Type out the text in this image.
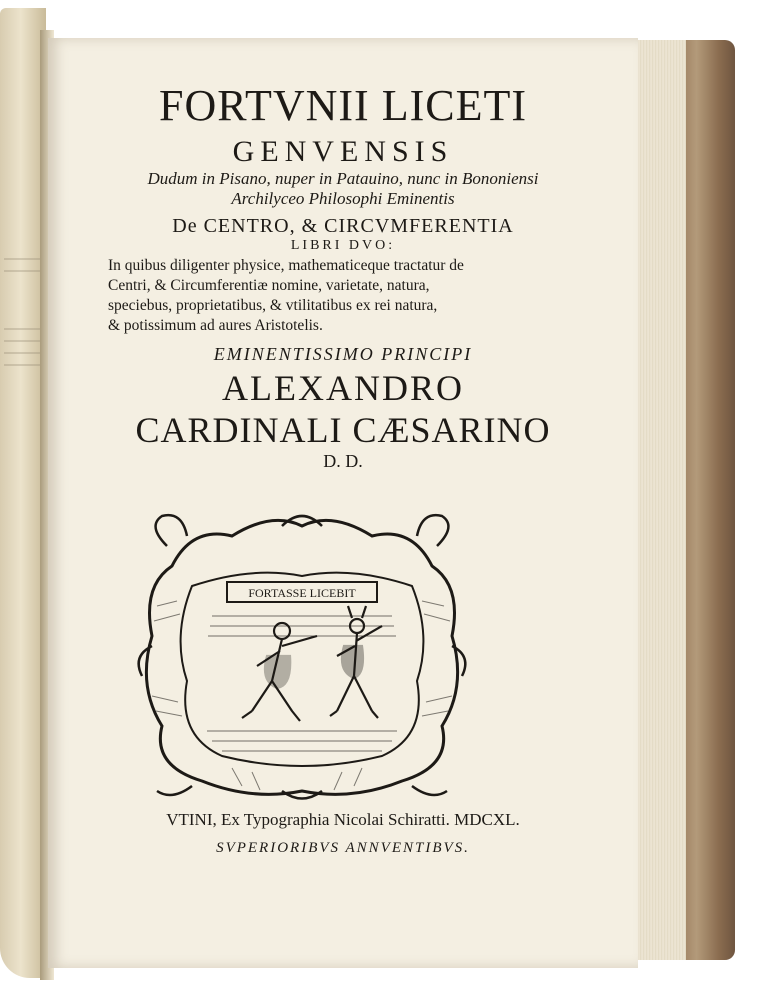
FORTVNII LICETI
GENVENSIS
Dudum in Pisano, nuper in Patauino, nunc in Bononiensi
Archilyceo Philosophi Eminentis
De CENTRO, & CIRCVMFERENTIA
LIBRI DVO:
In quibus diligenter physice, mathematiceque tractatur de
Centri, & Circumferentiæ nomine, varietate, natura,
speciebus, proprietatibus, & vtilitatibus ex rei natura,
& potissimum ad aures Aristotelis.
EMINENTISSIMO PRINCIPI
ALEXANDRO
CARDINALI CÆSARINO
D. D.
FORTASSE LICEBIT
VTINI, Ex Typographia Nicolai Schiratti. MDCXL.
SVPERIORIBVS ANNVENTIBVS.
